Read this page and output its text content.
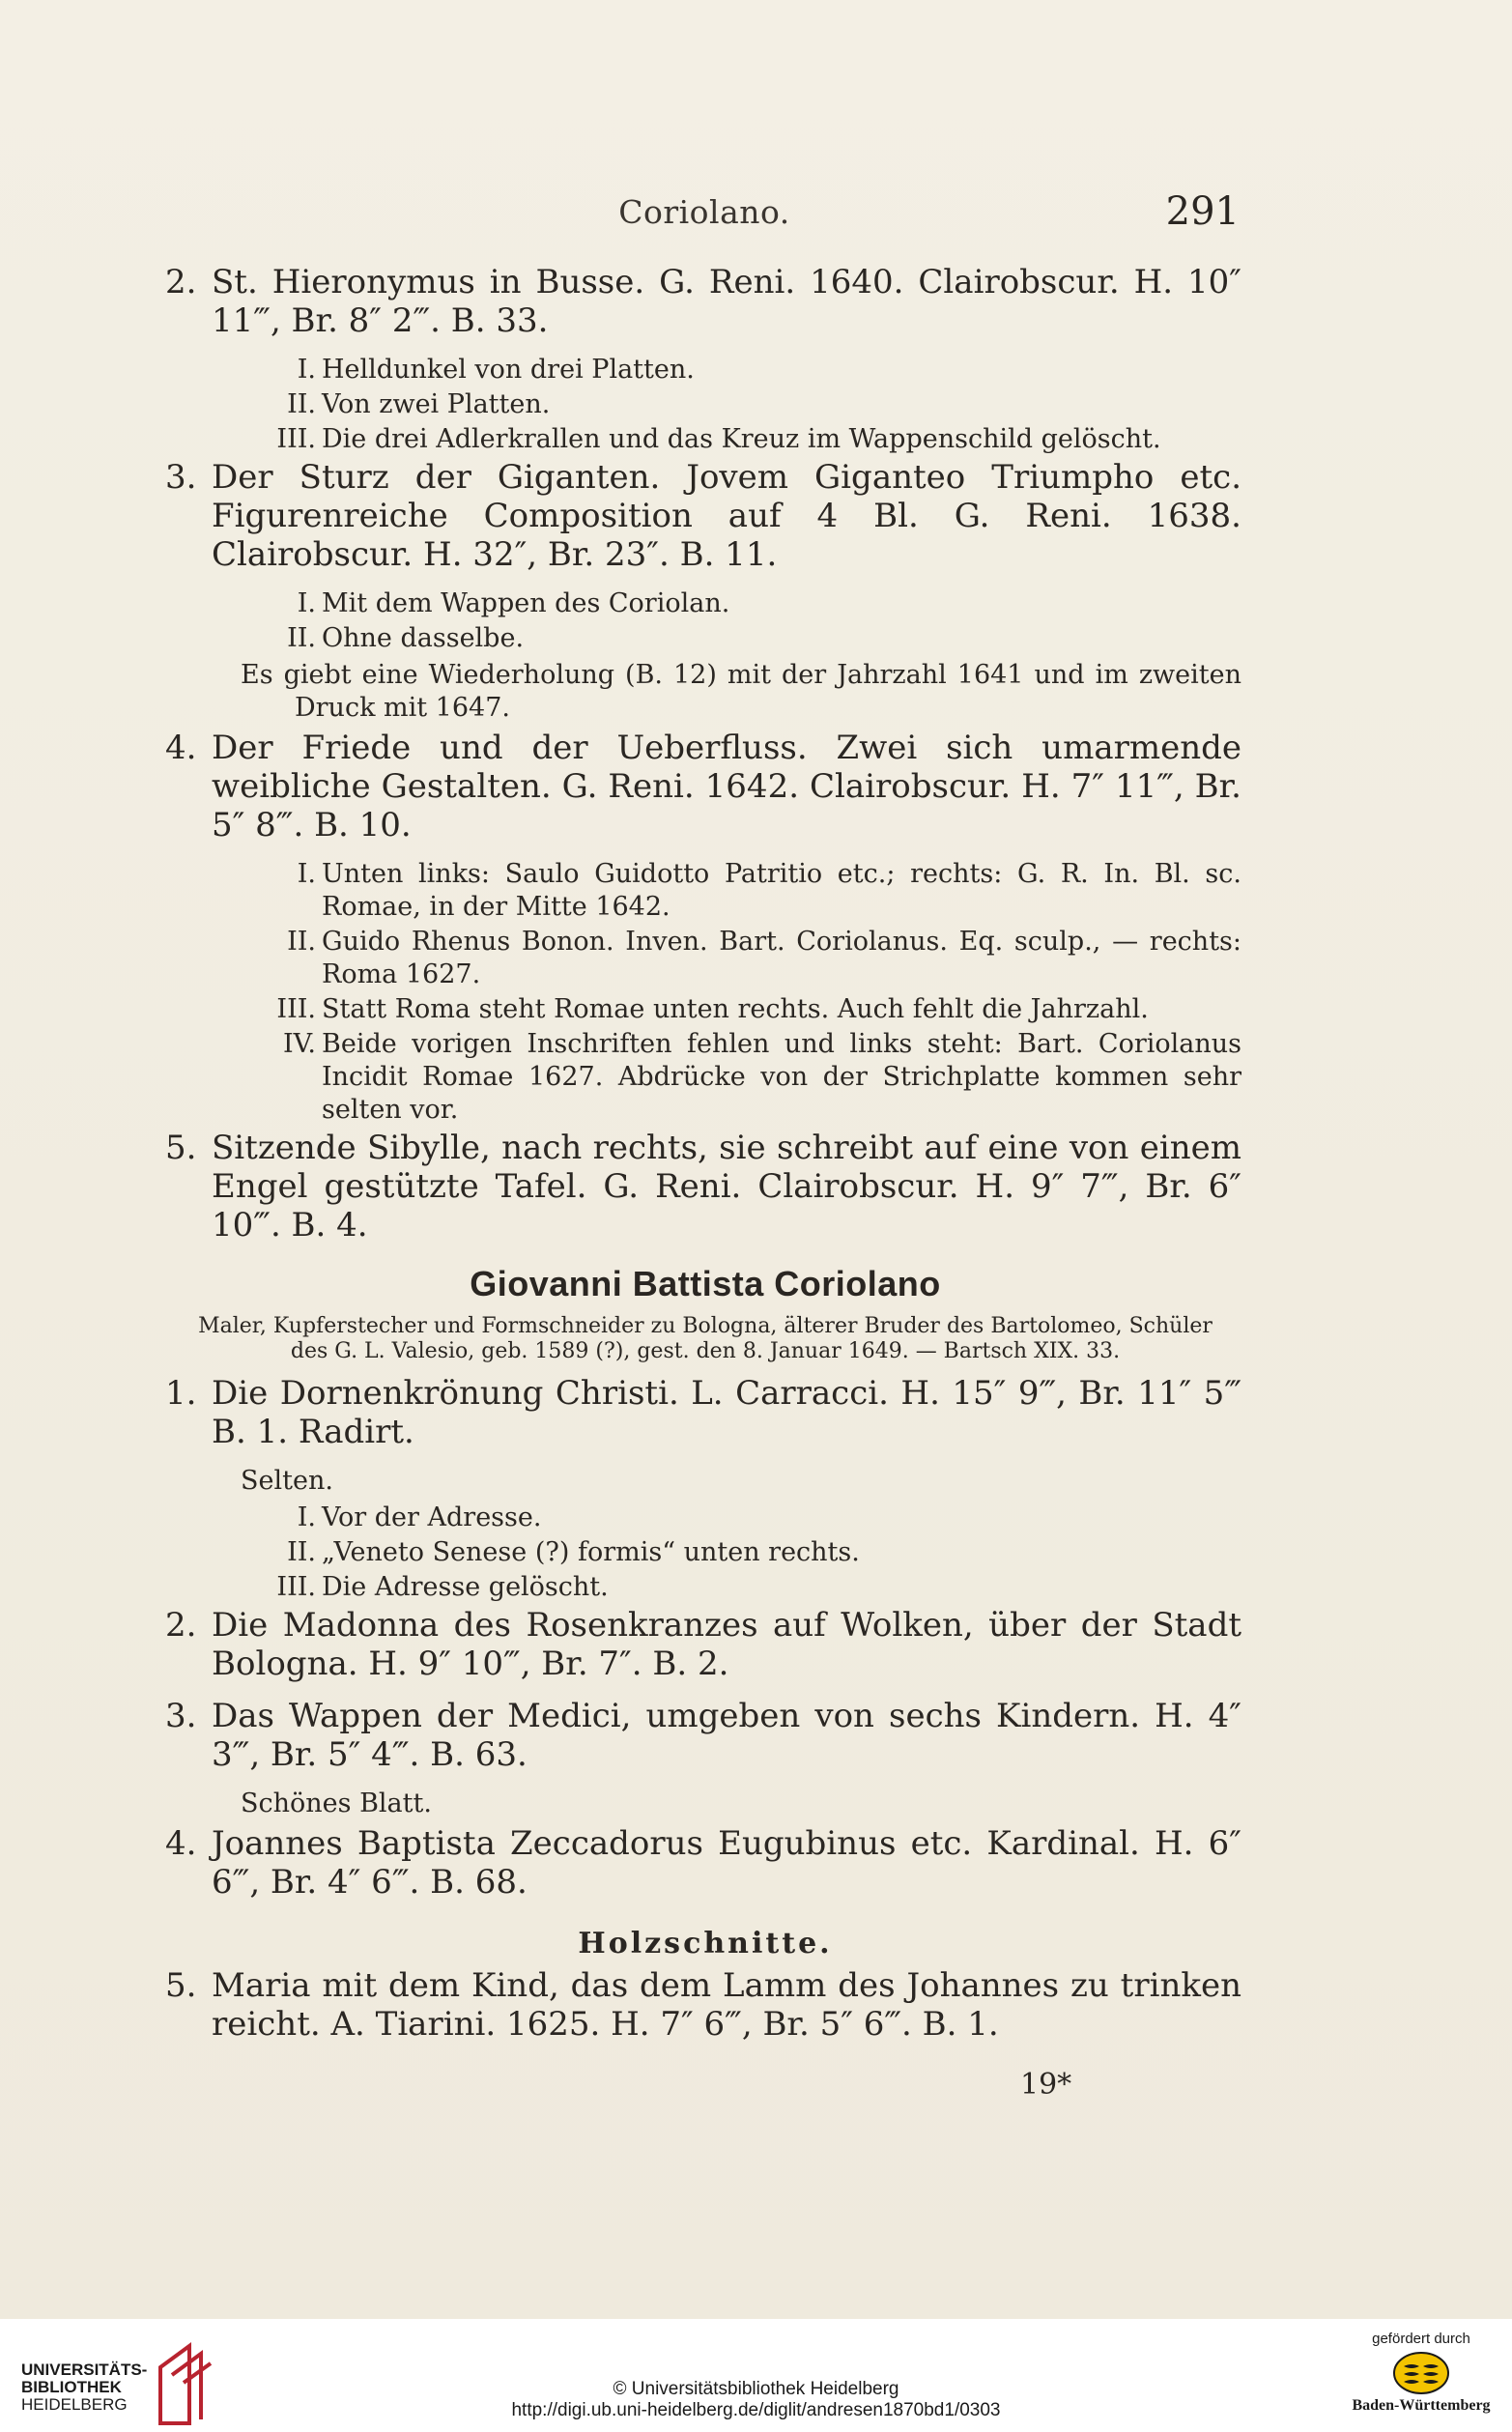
Coriolano.	291
2. St. Hieronymus in Busse. G. Reni. 1640. Clairobscur. H. 10″ 11‴, Br. 8″ 2‴. B. 33.
I. Helldunkel von drei Platten.
II. Von zwei Platten.
III. Die drei Adlerkrallen und das Kreuz im Wappenschild gelöscht.
3. Der Sturz der Giganten. Jovem Giganteo Triumpho etc. Figurenreiche Composition auf 4 Bl. G. Reni. 1638. Clairobscur. H. 32″, Br. 23″. B. 11.
I. Mit dem Wappen des Coriolan.
II. Ohne dasselbe.
Es giebt eine Wiederholung (B. 12) mit der Jahrzahl 1641 und im zweiten Druck mit 1647.
4. Der Friede und der Ueberfluss. Zwei sich umarmende weibliche Gestalten. G. Reni. 1642. Clairobscur. H. 7″ 11‴, Br. 5″ 8‴. B. 10.
I. Unten links: Saulo Guidotto Patritio etc.; rechts: G. R. In. Bl. sc. Romae, in der Mitte 1642.
II. Guido Rhenus Bonon. Inven. Bart. Coriolanus. Eq. sculp., — rechts: Roma 1627.
III. Statt Roma steht Romae unten rechts. Auch fehlt die Jahrzahl.
IV. Beide vorigen Inschriften fehlen und links steht: Bart. Coriolanus Incidit Romae 1627. Abdrücke von der Strichplatte kommen sehr selten vor.
5. Sitzende Sibylle, nach rechts, sie schreibt auf eine von einem Engel gestützte Tafel. G. Reni. Clairobscur. H. 9″ 7‴, Br. 6″ 10‴. B. 4.
Giovanni Battista Coriolano
Maler, Kupferstecher und Formschneider zu Bologna, älterer Bruder des Bartolomeo, Schüler des G. L. Valesio, geb. 1589 (?), gest. den 8. Januar 1649. — Bartsch XIX. 33.
1. Die Dornenkrönung Christi. L. Carracci. H. 15″ 9‴, Br. 11″ 5‴ B. 1. Radirt.
Selten.
I. Vor der Adresse.
II. „Veneto Senese (?) formis“ unten rechts.
III. Die Adresse gelöscht.
2. Die Madonna des Rosenkranzes auf Wolken, über der Stadt Bologna. H. 9″ 10‴, Br. 7″. B. 2.
3. Das Wappen der Medici, umgeben von sechs Kindern. H. 4″ 3‴, Br. 5″ 4‴. B. 63.
Schönes Blatt.
4. Joannes Baptista Zeccadorus Eugubinus etc. Kardinal. H. 6″ 6‴, Br. 4″ 6‴. B. 68.
Holzschnitte.
5. Maria mit dem Kind, das dem Lamm des Johannes zu trinken reicht. A. Tiarini. 1625. H. 7″ 6‴, Br. 5″ 6‴. B. 1.
19*
UNIVERSITÄTS-
BIBLIOTHEK
HEIDELBERG
© Universitätsbibliothek Heidelberg
http://digi.ub.uni-heidelberg.de/diglit/andresen1870bd1/0303
gefördert durch
Baden-Württemberg
